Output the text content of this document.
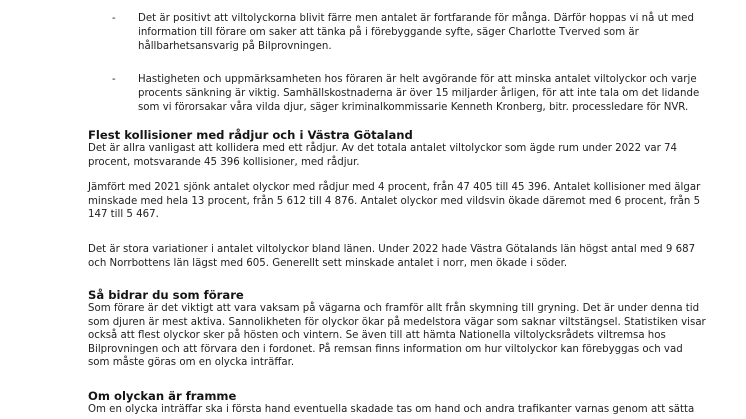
- Det är positivt att viltolyckorna blivit färre men antalet är fortfarande för många. Därför hoppas vi nå ut med
information till förare om saker att tänka på i förebyggande syfte, säger Charlotte Tverved som är
hållbarhetsansvarig på Bilprovningen.
- Hastigheten och uppmärksamheten hos föraren är helt avgörande för att minska antalet viltolyckor och varje
procents sänkning är viktig. Samhällskostnaderna är över 15 miljarder årligen, för att inte tala om det lidande
som vi förorsakar våra vilda djur, säger kriminalkommissarie Kenneth Kronberg, bitr. processledare för NVR.
Flest kollisioner med rådjur och i Västra Götaland
Det är allra vanligast att kollidera med ett rådjur. Av det totala antalet viltolyckor som ägde rum under 2022 var 74
procent, motsvarande 45 396 kollisioner, med rådjur.
Jämfört med 2021 sjönk antalet olyckor med rådjur med 4 procent, från 47 405 till 45 396. Antalet kollisioner med älgar
minskade med hela 13 procent, från 5 612 till 4 876. Antalet olyckor med vildsvin ökade däremot med 6 procent, från 5
147 till 5 467.
Det är stora variationer i antalet viltolyckor bland länen. Under 2022 hade Västra Götalands län högst antal med 9 687
och Norrbottens län lägst med 605. Generellt sett minskade antalet i norr, men ökade i söder.
Så bidrar du som förare
Som förare är det viktigt att vara vaksam på vägarna och framför allt från skymning till gryning. Det är under denna tid
som djuren är mest aktiva. Sannolikheten för olyckor ökar på medelstora vägar som saknar viltstängsel. Statistiken visar
också att flest olyckor sker på hösten och vintern. Se även till att hämta Nationella viltolycksrådets viltremsa hos
Bilprovningen och att förvara den i fordonet. På remsan finns information om hur viltolyckor kan förebyggas och vad
som måste göras om en olycka inträffar.
Om olyckan är framme
Om en olycka inträffar ska i första hand eventuella skadade tas om hand och andra trafikanter varnas genom att sätta
